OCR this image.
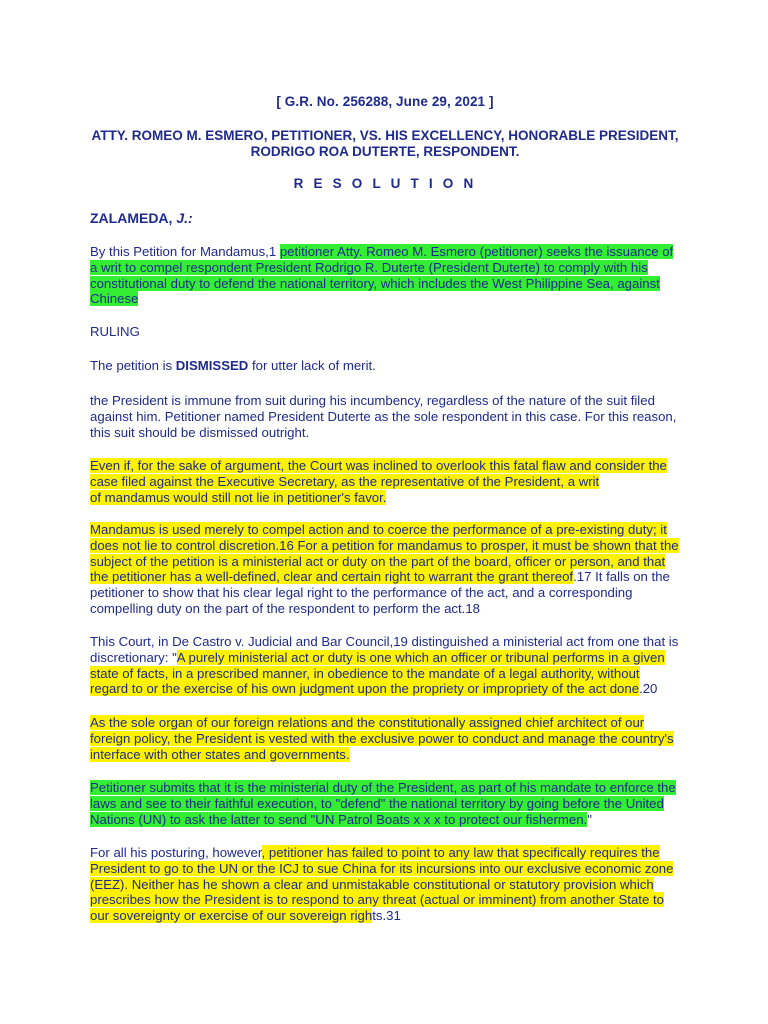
[ G.R. No. 256288, June 29, 2021 ]
ATTY. ROMEO M. ESMERO, PETITIONER, VS. HIS EXCELLENCY, HONORABLE PRESIDENT,
RODRIGO ROA DUTERTE, RESPONDENT.
R E S O L U T I O N
ZALAMEDA, J.:

By this Petition for Mandamus,1 petitioner Atty. Romeo M. Esmero (petitioner) seeks the issuance of a writ to compel respondent President Rodrigo R. Duterte (President Duterte) to comply with his constitutional duty to defend the national territory, which includes the West Philippine Sea, against Chinese

RULING

The petition is DISMISSED for utter lack of merit.

the President is immune from suit during his incumbency, regardless of the nature of the suit filed against him. Petitioner named President Duterte as the sole respondent in this case. For this reason, this suit should be dismissed outright.

Even if, for the sake of argument, the Court was inclined to overlook this fatal flaw and consider the
case filed against the Executive Secretary, as the representative of the President, a writ
of mandamus would still not lie in petitioner's favor.

Mandamus is used merely to compel action and to coerce the performance of a pre-existing duty; it does not lie to control discretion.16 For a petition for mandamus to prosper, it must be shown that the subject of the petition is a ministerial act or duty on the part of the board, officer or person, and that the petitioner has a well-defined, clear and certain right to warrant the grant thereof.17 It falls on the petitioner to show that his clear legal right to the performance of the act, and a corresponding compelling duty on the part of the respondent to perform the act.18

This Court, in De Castro v. Judicial and Bar Council,19 distinguished a ministerial act from one that is discretionary: "A purely ministerial act or duty is one which an officer or tribunal performs in a given state of facts, in a prescribed manner, in obedience to the mandate of a legal authority, without regard to or the exercise of his own judgment upon the propriety or impropriety of the act done.20

As the sole organ of our foreign relations and the constitutionally assigned chief architect of our foreign policy, the President is vested with the exclusive power to conduct and manage the country's interface with other states and governments.

Petitioner submits that it is the ministerial duty of the President, as part of his mandate to enforce the laws and see to their faithful execution, to "defend" the national territory by going before the United Nations (UN) to ask the latter to send "UN Patrol Boats x x x to protect our fishermen."

For all his posturing, however, petitioner has failed to point to any law that specifically requires the President to go to the UN or the ICJ to sue China for its incursions into our exclusive economic zone (EEZ). Neither has he shown a clear and unmistakable constitutional or statutory provision which prescribes how the President is to respond to any threat (actual or imminent) from another State to our sovereignty or exercise of our sovereign rights.31
